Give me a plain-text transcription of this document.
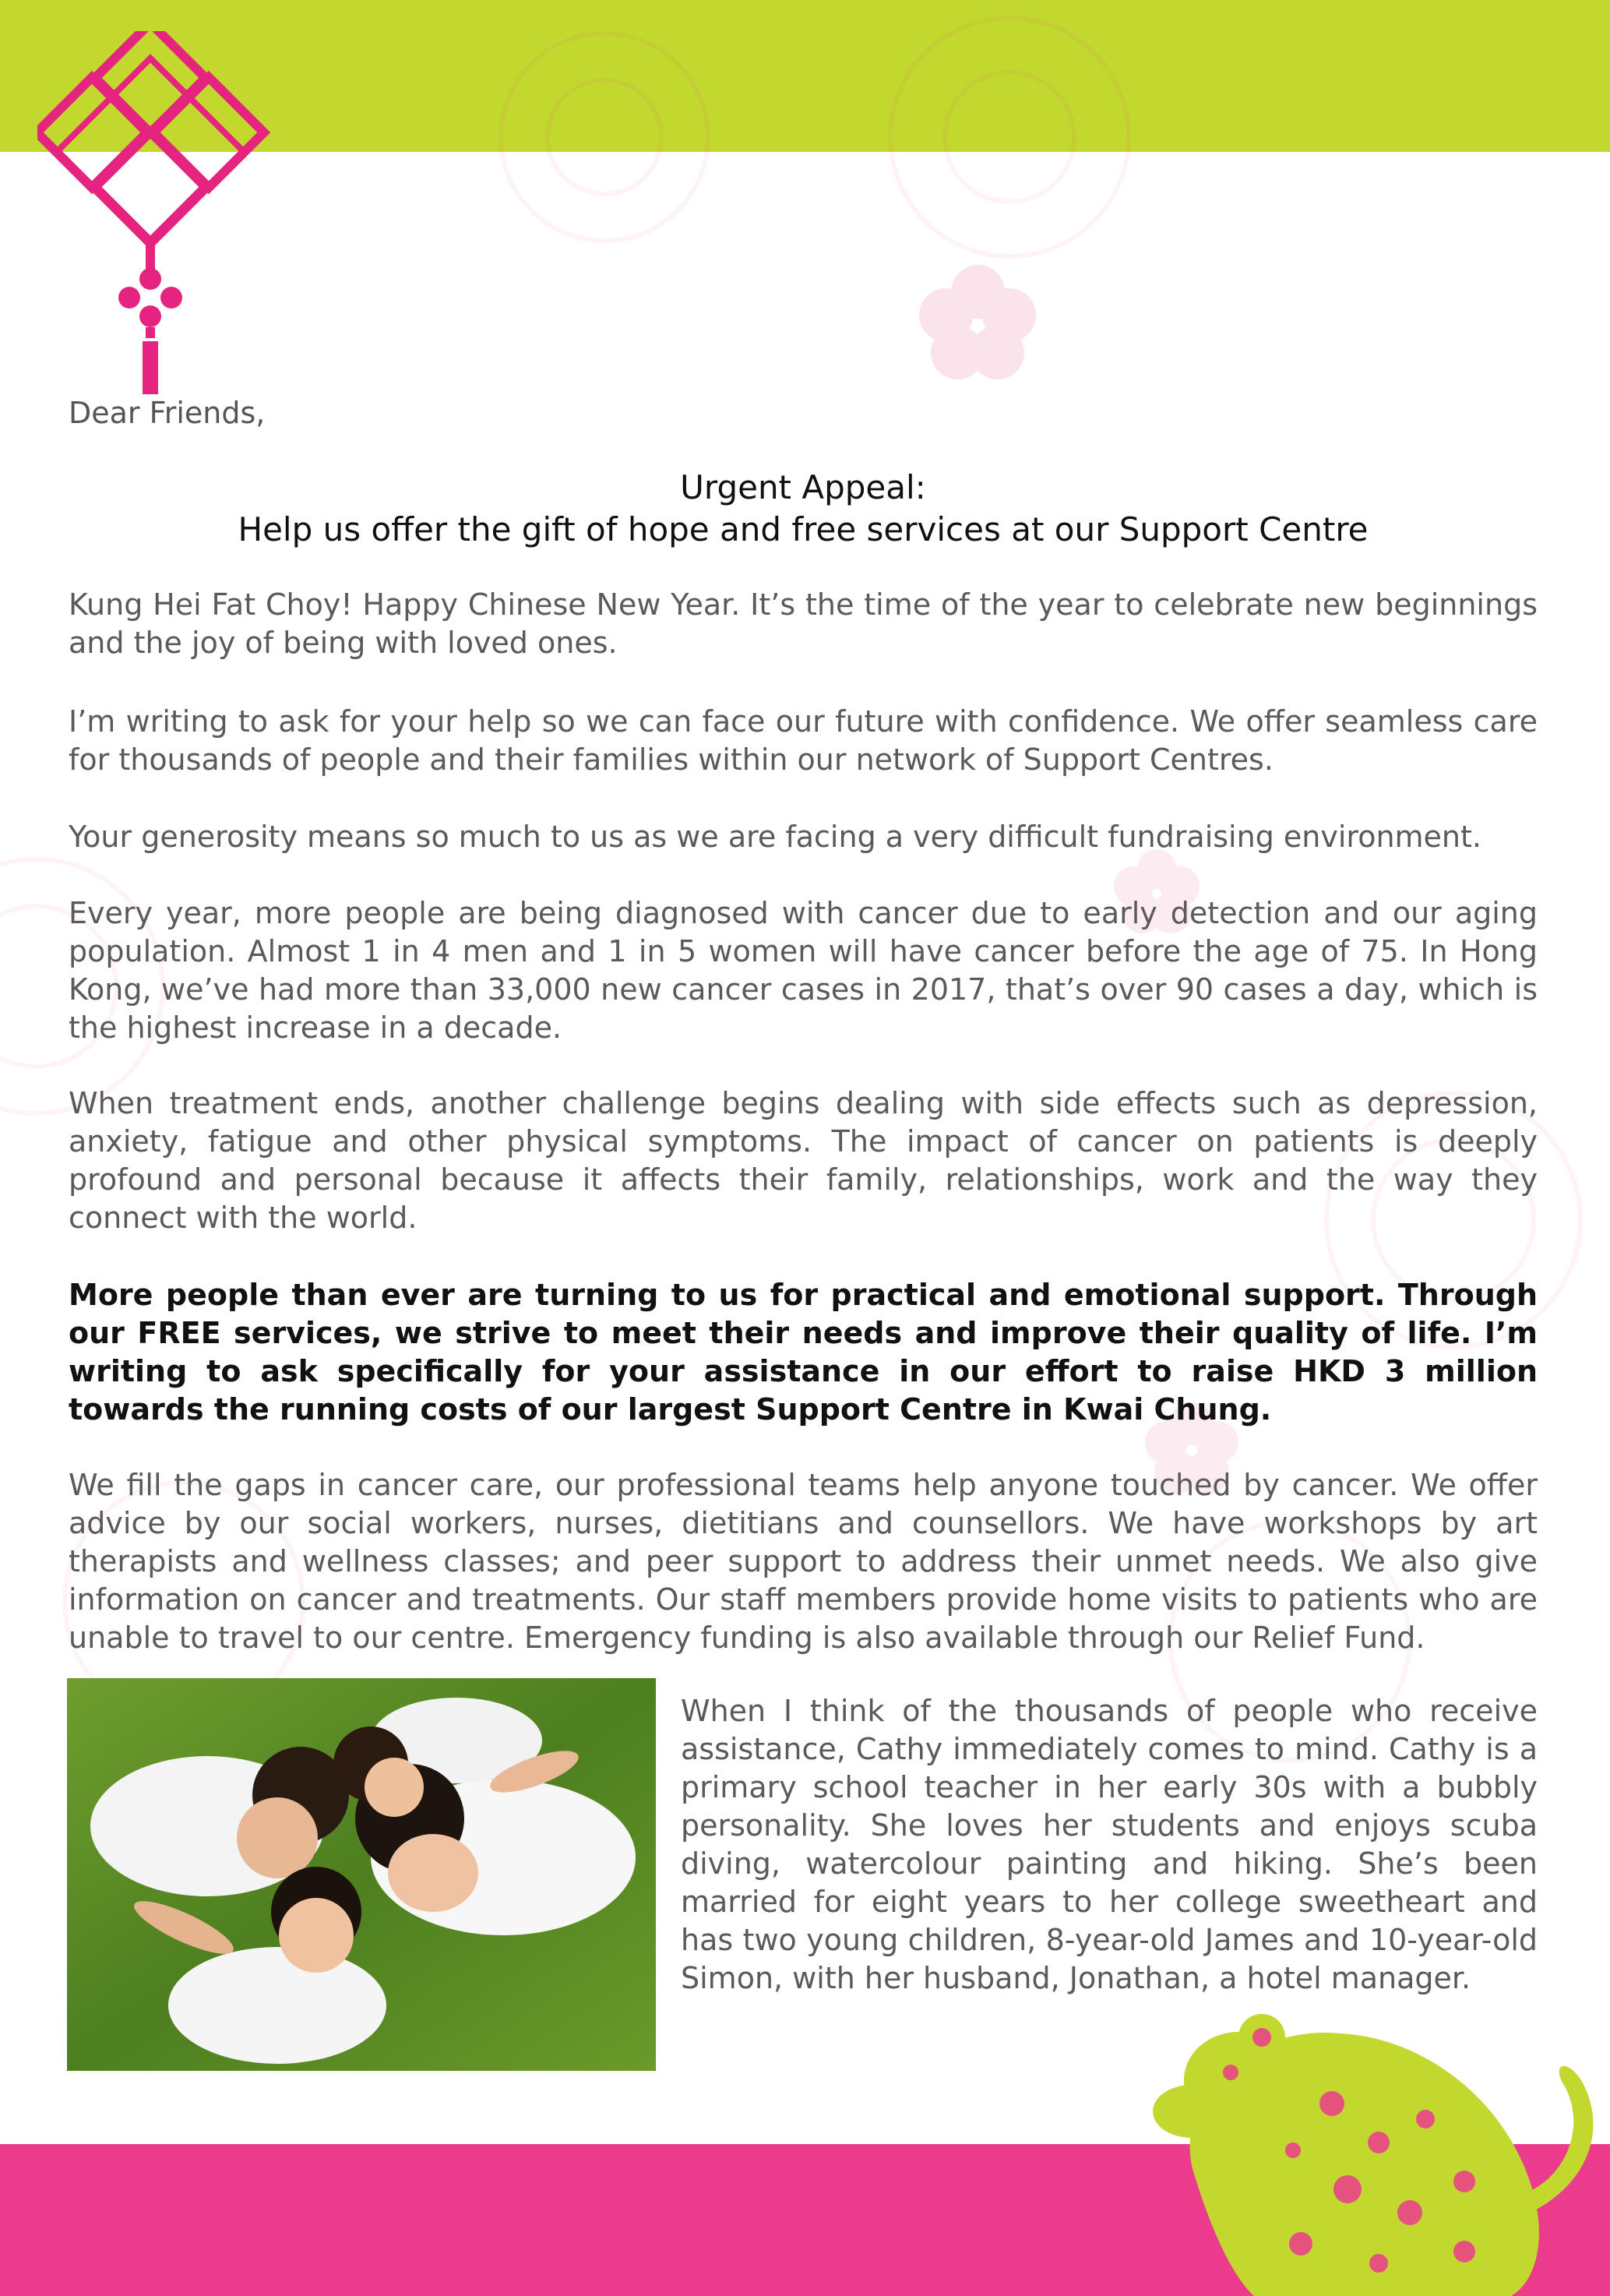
Dear Friends,
Urgent Appeal:
Help us offer the gift of hope and free services at our Support Centre

Kung Hei Fat Choy! Happy Chinese New Year. It’s the time of the year to celebrate new beginnings and the joy of being with loved ones.

I’m writing to ask for your help so we can face our future with confidence. We offer seamless care for thousands of people and their families within our network of Support Centres.

Your generosity means so much to us as we are facing a very difficult fundraising environment.

Every year, more people are being diagnosed with cancer due to early detection and our aging population. Almost 1 in 4 men and 1 in 5 women will have cancer before the age of 75. In Hong Kong, we’ve had more than 33,000 new cancer cases in 2017, that’s over 90 cases a day, which is the highest increase in a decade.

When treatment ends, another challenge begins dealing with side effects such as depression, anxiety, fatigue and other physical symptoms. The impact of cancer on patients is deeply profound and personal because it affects their family, relationships, work and the way they connect with the world.

More people than ever are turning to us for practical and emotional support. Through our FREE services, we strive to meet their needs and improve their quality of life. I’m writing to ask specifically for your assistance in our effort to raise HKD 3 million towards the running costs of our largest Support Centre in Kwai Chung.

We fill the gaps in cancer care, our professional teams help anyone touched by cancer. We offer advice by our social workers, nurses, dietitians and counsellors. We have workshops by art therapists and wellness classes; and peer support to address their unmet needs. We also give information on cancer and treatments. Our staff members provide home visits to patients who are unable to travel to our centre. Emergency funding is also available through our Relief Fund.

When I think of the thousands of people who receive assistance, Cathy immediately comes to mind. Cathy is a primary school teacher in her early 30s with a bubbly personality. She loves her students and enjoys scuba diving, watercolour painting and hiking. She’s been married for eight years to her college sweetheart and has two young children, 8-year-old James and 10-year-old Simon, with her husband, Jonathan, a hotel manager.
